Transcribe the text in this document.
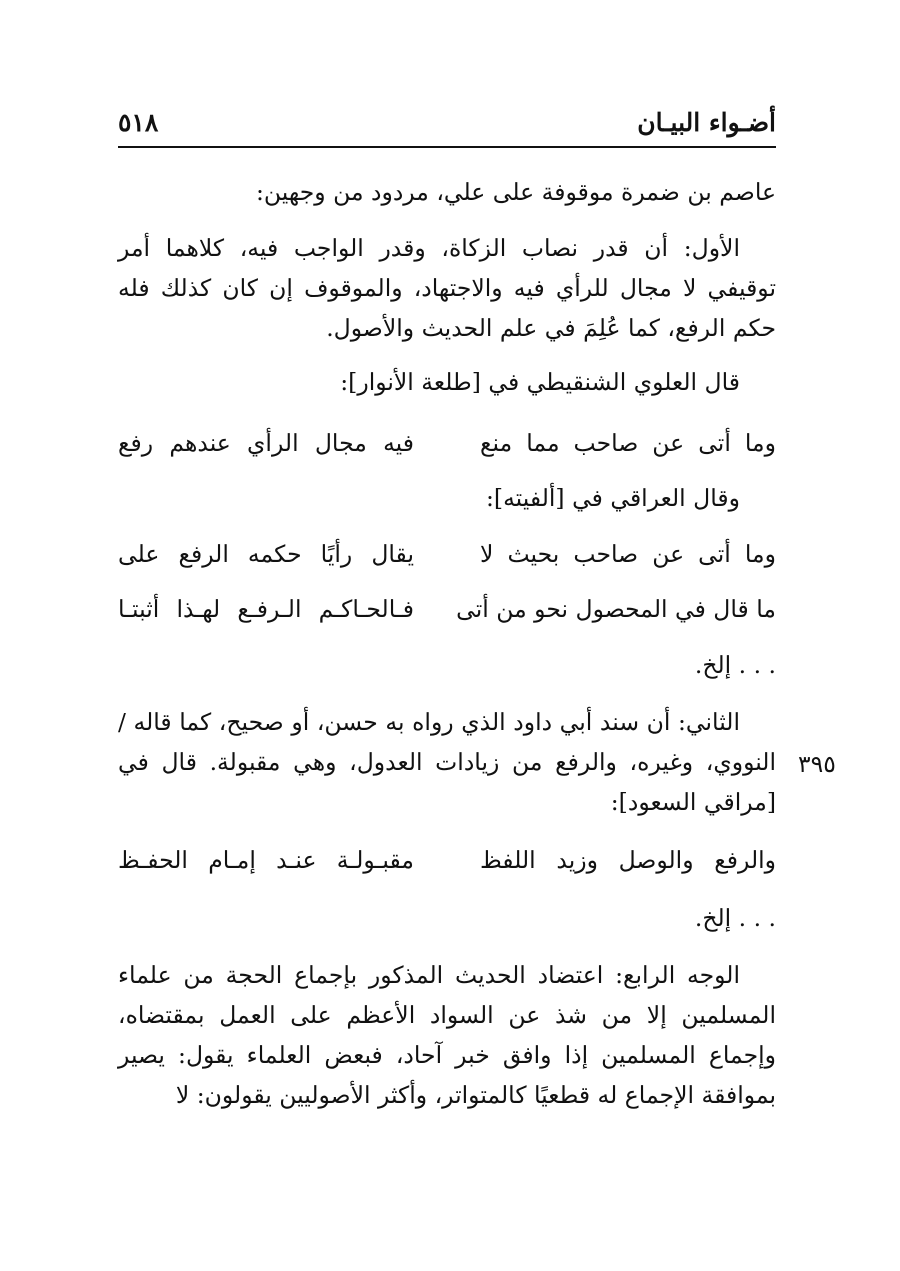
أضـواء البيـان
٥١٨
عاصم بن ضمرة موقوفة على علي، مردود من وجهين:
الأول: أن قدر نصاب الزكاة، وقدر الواجب فيه، كلاهما أمر توقيفي لا مجال للرأي فيه والاجتهاد، والموقوف إن كان كذلك فله حكم الرفع، كما عُلِمَ في علم الحديث والأصول.
قال العلوي الشنقيطي في [طلعة الأنوار]:
وما أتى عن صاحب مما منع
فيه مجال الرأي عندهم رفع
وقال العراقي في [ألفيته]:
وما أتى عن صاحب بحيث لا
يقال رأيًا حكمه الرفع على
ما قال في المحصول نحو من أتى
فـالحـاكـم الـرفـع لهـذا أثبتـا
. . . إلخ.
الثاني: أن سند أبي داود الذي رواه به حسن، أو صحيح، كما قاله / النووي، وغيره، والرفع من زيادات العدول، وهي مقبولة. قال في [مراقي السعود]:
٣٩٥
والرفع والوصل وزيد اللفظ
مقبـولـة عنـد إمـام الحفـظ
. . . إلخ.
الوجه الرابع: اعتضاد الحديث المذكور بإجماع الحجة من علماء المسلمين إلا من شذ عن السواد الأعظم على العمل بمقتضاه، وإجماع المسلمين إذا وافق خبر آحاد، فبعض العلماء يقول: يصير بموافقة الإجماع له قطعيًا كالمتواتر، وأكثر الأصوليين يقولون: لا
